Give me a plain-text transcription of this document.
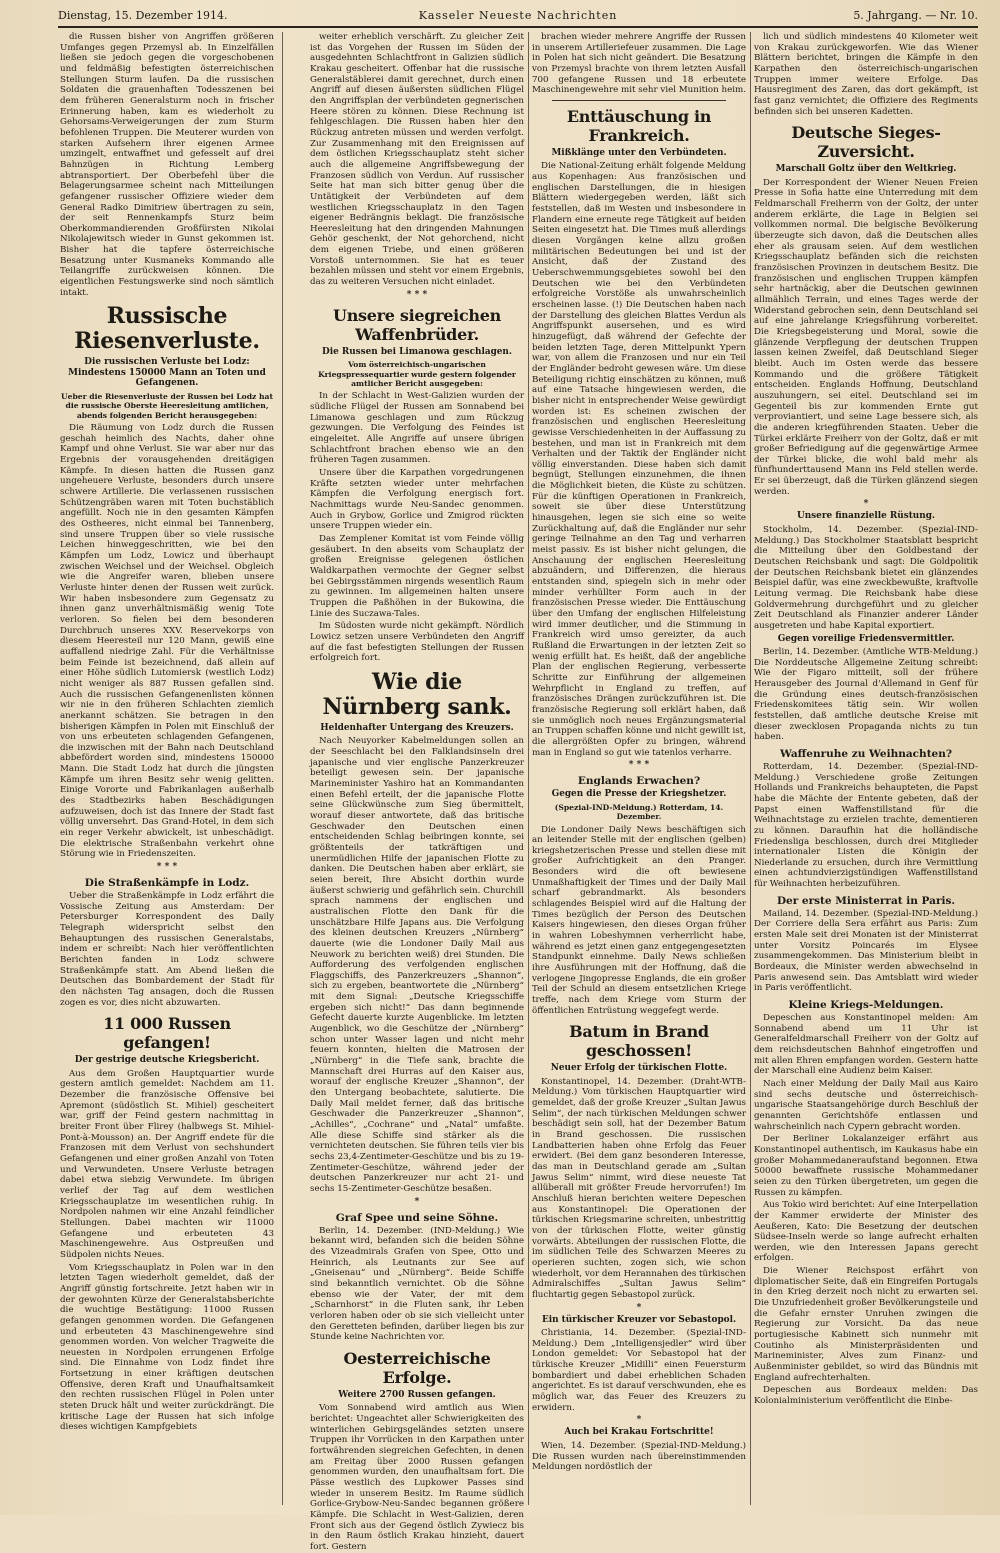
Dienstag, 15. Dezember 1914.	Kasseler Neueste Nachrichten	5. Jahrgang. — Nr. 10.

die Russen bisher von Angriffen größeren Umfanges gegen Przemysl ab. In Einzelfällen ließen sie jedoch gegen die vorgeschobenen und feldmäßig befestigten österreichischen Stellungen Sturm laufen. Da die russischen Soldaten die grauenhaften Todesszenen bei dem früheren Generalsturm noch in frischer Erinnerung haben, kam es wiederholt zu Gehorsams-Verweigerungen der zum Sturm befohlenen Truppen. Die Meuterer wurden von starken Aufsehern ihrer eigenen Armee umzingelt, entwaffnet und gefesselt auf drei Bahnzügen in Richtung Lemberg abtransportiert. Der Oberbefehl über die Belagerungsarmee scheint nach Mitteilungen gefangener russischer Offiziere wieder dem General Radko Dimitriew übertragen zu sein, der seit Rennenkampfs Sturz beim Oberkommandierenden Großfürsten Nikolai Nikolajewitsch wieder in Gunst gekommen ist. Bisher hat die tapfere österreichische Besatzung unter Kusmaneks Kommando alle Teilangriffe zurückweisen können. Die eigentlichen Festungswerke sind noch sämtlich intakt.

Russische Riesenverluste.
Die russischen Verluste bei Lodz: Mindestens 150000 Mann an Toten und Gefangenen.

Ueber die Riesenverluste der Russen bei Lodz hat die russische Oberste Heeresleitung amtlichen, abends folgenden Bericht herausgegeben:

Die Räumung von Lodz durch die Russen geschah heimlich des Nachts, daher ohne Kampf und ohne Verlust. Sie war aber nur das Ergebnis der vorausgehenden dreitägigen Kämpfe. In diesen hatten die Russen ganz ungeheuere Verluste, besonders durch unsere schwere Artillerie. Die verlassenen russischen Schützengräben waren mit Toten buchstäblich angefüllt. Noch nie in den gesamten Kämpfen des Ostheeres, nicht einmal bei Tannenberg, sind unsere Truppen über so viele russische Leichen hinweggeschritten, wie bei den Kämpfen um Lodz, Lowicz und überhaupt zwischen Weichsel und der Weichsel. Obgleich wie die Angreifer waren, blieben unsere Verluste hinter denen der Russen weit zurück. Wir haben insbesondere zum Gegensatz zu ihnen ganz unverhältnismäßig wenig Tote verloren. So fielen bei dem besonderen Durchbruch unseres XXV. Reservekorps von diesem Heeresteil nur 120 Mann, gewiß eine auffallend niedrige Zahl. Für die Verhältnisse beim Feinde ist bezeichnend, daß allein auf einer Höhe südlich Lutomiersk (westlich Lodz) nicht weniger als 887 Russen gefallen sind. Auch die russischen Gefangenenlisten können wir nie in den früheren Schlachten ziemlich anerkannt schätzen. Sie betragen in den bisherigen Kämpfen in Polen mit Einschluß der von uns erbeuteten schlagenden Gefangenen, die inzwischen mit der Bahn nach Deutschland abbefördert worden sind, mindestens 150000 Mann. Die Stadt Lodz hat durch die jüngsten Kämpfe um ihren Besitz sehr wenig gelitten. Einige Vororte und Fabrikanlagen außerhalb des Stadtbezirks haben Beschädigungen aufzuweisen, doch ist das Innere der Stadt fast völlig unversehrt. Das Grand-Hotel, in dem sich ein reger Verkehr abwickelt, ist unbeschädigt. Die elektrische Straßenbahn verkehrt ohne Störung wie in Friedenszeiten.

* * *
Die Straßenkämpfe in Lodz.

Ueber die Straßenkämpfe in Lodz erfährt die Vossische Zeitung aus Amsterdam: Der Petersburger Korrespondent des Daily Telegraph widerspricht selbst den Behauptungen des russischen Generalstabs, indem er schreibt: Nach hier veröffentlichten Berichten fanden in Lodz schwere Straßenkämpfe statt. Am Abend ließen die Deutschen das Bombardement der Stadt für den nächsten Tag ansagen, doch die Russen zogen es vor, dies nicht abzuwarten.

11 000 Russen gefangen!
Der gestrige deutsche Kriegsbericht.

Aus dem Großen Hauptquartier wurde gestern amtlich gemeldet: Nachdem am 11. Dezember die französische Offensive bei Apremont (südöstlich St. Mihiel) gescheitert war, griff der Feind gestern nachmittag in breiter Front über Flirey (halbwegs St. Mihiel-Pont-à-Mousson) an. Der Angriff endete für die Franzosen mit dem Verlust von sechshundert Gefangenen und einer großen Anzahl von Toten und Verwundeten. Unsere Verluste betragen dabei etwa siebzig Verwundete. Im übrigen verlief der Tag auf dem westlichen Kriegsschauplatze im wesentlichen ruhig. In Nordpolen nahmen wir eine Anzahl feindlicher Stellungen. Dabei machten wir 11000 Gefangene und erbeuteten 43 Maschinengewehre. Aus Ostpreußen und Südpolen nichts Neues.

Vom Kriegsschauplatz in Polen war in den letzten Tagen wiederholt gemeldet, daß der Angriff günstig fortschreite. Jetzt haben wir in der gewohnten Kürze der Generalstabsberichte die wuchtige Bestätigung: 11000 Russen gefangen genommen worden. Die Gefangenen und erbeuteten 43 Maschinengewehre sind genommen worden. Von welcher Tragweite die neuesten in Nordpolen errungenen Erfolge sind. Die Einnahme von Lodz findet ihre Fortsetzung in einer kräftigen deutschen Offensive, deren Kraft und Unaufhaltsamkeit den rechten russischen Flügel in Polen unter steten Druck hält und weiter zurückdrängt. Die kritische Lage der Russen hat sich infolge dieses wichtigen Kampfgebiets

weiter erheblich verschärft. Zu gleicher Zeit ist das Vorgehen der Russen im Süden der ausgedehnten Schlachtfront in Galizien südlich Krakau gescheitert. Offenbar hat die russische Generalstäblerei damit gerechnet, durch einen Angriff auf diesen äußersten südlichen Flügel den Angriffsplan der verbündeten gegnerischen Heere stören zu können. Diese Rechnung ist fehlgeschlagen. Die Russen haben hier den Rückzug antreten müssen und werden verfolgt. Zur Zusammenhang mit den Ereignissen auf dem östlichen Kriegsschauplatz steht sicher auch die allgemeine Angriffsbewegung der Franzosen südlich von Verdun. Auf russischer Seite hat man sich bitter genug über die Untätigkeit der Verbündeten auf dem westlichen Kriegsschauplatz in den Tagen eigener Bedrängnis beklagt. Die französische Heeresleitung hat den dringenden Mahnungen Gehör geschenkt, der Not gehorchend, nicht dem eigenen Triebe, und einen größeren Vorstoß unternommen. Sie hat es teuer bezahlen müssen und steht vor einem Ergebnis, das zu weiteren Versuchen nicht einladet.

* * *
Unsere siegreichen Waffenbrüder.
Die Russen bei Limanowa geschlagen.

Vom österreichisch-ungarischen Kriegspressequartier wurde gestern folgender amtlicher Bericht ausgegeben:

In der Schlacht in West-Galizien wurden der südliche Flügel der Russen am Sonnabend bei Limanowa geschlagen und zum Rückzug gezwungen. Die Verfolgung des Feindes ist eingeleitet. Alle Angriffe auf unsere übrigen Schlachtfront brachen ebenso wie an den früheren Tagen zusammen.

Unsere über die Karpathen vorgedrungenen Kräfte setzten wieder unter mehrfachen Kämpfen die Verfolgung energisch fort. Nachmittags wurde Neu-Sandec genommen. Auch in Grybow, Gorlice und Zmigrod rückten unsere Truppen wieder ein.

Das Zemplener Komitat ist vom Feinde völlig gesäubert. In den abseits vom Schauplatz der großen Ereignisse gelegenen östlichen Waldkarpathen vermochte der Gegner selbst bei Gebirgsstämmen nirgends wesentlich Raum zu gewinnen. Im allgemeinen halten unsere Truppen die Paßhöhen in der Bukowina, die Linie des Suczawa-Tales.

Im Südosten wurde nicht gekämpft. Nördlich Lowicz setzen unsere Verbündeten den Angriff auf die fast befestigten Stellungen der Russen erfolgreich fort.

Wie die Nürnberg sank.
Heldenhafter Untergang des Kreuzers.

Nach Neuyorker Kabelmeldungen sollen an der Seeschlacht bei den Falklandsinseln drei japanische und vier englische Panzerkreuzer beteiligt gewesen sein. Der japanische Marineminister Yashiro hat an Kommandanten einen Befehl erteilt, der die japanische Flotte seine Glückwünsche zum Sieg übermittelt, worauf dieser antwortete, daß das britische Geschwader den Deutschen einen entscheidenden Schlag beibringen konnte, sei größtenteils der tatkräftigen und unermüdlichen Hilfe der japanischen Flotte zu danken. Die Deutschen haben aber erklärt, sie seien bereit, Ihre Absicht dorthin wurde äußerst schwierig und gefährlich sein. Churchill sprach nammens der englischen und australischen Flotte den Dank für die unschätzbare Hilfe Japans aus. Die Verfolgung des kleinen deutschen Kreuzers „Nürnberg“ dauerte (wie die Londoner Daily Mail aus Neuwork zu berichten weiß) drei Stunden. Die Aufforderung des verfolgenden englischen Flaggschiffs, des Panzerkreuzers „Shannon“, sich zu ergeben, beantwortete die „Nürnberg“ mit dem Signal: „Deutsche Kriegsschiffe ergeben sich nicht!“ Das dann beginnende Gefecht dauerte kurzte Augenblicke. Im letzten Augenblick, wo die Geschütze der „Nürnberg“ schon unter Wasser lagen und nicht mehr feuern konnten, hielten die Matrosen der „Nürnberg“ in die Tiefe sank, brachte die Mannschaft drei Hurras auf den Kaiser aus, worauf der englische Kreuzer „Shannon“, der den Untergang beobachtete, salutierte. Die Daily Mail meldet ferner, daß das britische Geschwader die Panzerkreuzer „Shannon“, „Achilles“, „Cochrane“ und „Natal“ umfaßte. Alle diese Schiffe sind stärker als die vernichteten deutschen. Sie führen teils vier bis sechs 23,4-Zentimeter-Geschütze und bis zu 19-Zentimeter-Geschütze, während jeder der deutschen Panzerkreuzer nur acht 21- und sechs 15-Zentimeter-Geschütze besaßen.

*
Graf Spee und seine Söhne.

Berlin, 14. Dezember. (IND-Meldung.) Wie bekannt wird, befanden sich die beiden Söhne des Vizeadmirals Grafen von Spee, Otto und Heinrich, als Leutnants zur See auf „Gneisenau“ und „Nürnberg“. Beide Schiffe sind bekanntlich vernichtet. Ob die Söhne ebenso wie der Vater, der mit dem „Scharnhorst“ in die Fluten sank, ihr Leben verloren haben oder ob sie sich vielleicht unter den Geretteten befinden, darüber liegen bis zur Stunde keine Nachrichten vor.

Oesterreichische Erfolge.
Weitere 2700 Russen gefangen.

Vom Sonnabend wird amtlich aus Wien berichtet: Ungeachtet aller Schwierigkeiten des winterlichen Gebirgsgeländes setzten unsere Truppen ihr Vorrücken in den Karpathen unter fortwährenden siegreichen Gefechten, in denen am Freitag über 2000 Russen gefangen genommen wurden, den unaufhaltsam fort. Die Pässe westlich des Lupkower Passes sind wieder in unserem Besitz. Im Raume südlich Gorlice-Grybow-Neu-Sandec begannen größere Kämpfe. Die Schlacht in West-Galizien, deren Front sich aus der Gegend östlich Zywiecz bis in den Raum östlich Krakau hinzieht, dauert fort. Gestern

brachen wieder mehrere Angriffe der Russen in unserem Artilleriefeuer zusammen. Die Lage in Polen hat sich nicht geändert. Die Besatzung von Przemysl brachte von ihrem letzten Ausfall 700 gefangene Russen und 18 erbeutete Maschinengewehre mit sehr viel Munition heim.

Enttäuschung in Frankreich.
Mißklänge unter den Verbündeten.

Die National-Zeitung erhält folgende Meldung aus Kopenhagen: Aus französischen und englischen Darstellungen, die in hiesigen Blättern wiedergegeben werden, läßt sich feststellen, daß im Westen und insbesondere in Flandern eine erneute rege Tätigkeit auf beiden Seiten eingesetzt hat. Die Times muß allerdings diesen Vorgängen keine allzu großen militärischen Bedeutungen bei und ist der Ansicht, daß der Zustand des Ueberschwemmungsgebietes sowohl bei den Deutschen wie bei den Verbündeten erfolgreiche Vorstöße als unwahrscheinlich erscheinen lasse. (!) Die Deutschen haben nach der Darstellung des gleichen Blattes Verdun als Angriffspunkt ausersehen, und es wird hinzugefügt, daß während der Gefechte der beiden letzten Tage, deren Mittelpunkt Ypern war, von allem die Franzosen und nur ein Teil der Engländer bedroht gewesen wäre. Um diese Beteiligung richtig einschätzen zu können, muß auf eine Tatsache hingewiesen werden, die bisher nicht in entsprechender Weise gewürdigt worden ist: Es scheinen zwischen der französischen und englischen Heeresleitung gewisse Verschiedenheiten in der Auffassung zu bestehen, und man ist in Frankreich mit dem Verhalten und der Taktik der Engländer nicht völlig einverstanden. Diese haben sich damit begnügt, Stellungen einzunehmen, die ihnen die Möglichkeit bieten, die Küste zu schützen. Für die künftigen Operationen in Frankreich, soweit sie über diese Unterstützung hinausgehen, legen sie sich eine so weite Zurückhaltung auf, daß die Engländer nur sehr geringe Teilnahme an den Tag und verharren meist passiv. Es ist bisher nicht gelungen, die Anschauung der englischen Heeresleitung abzuändern, und Differenzen, die hieraus entstanden sind, spiegeln sich in mehr oder minder verhüllter Form auch in der französischen Presse wieder. Die Enttäuschung über den Umfang der englischen Hilfeleistung wird immer deutlicher, und die Stimmung in Frankreich wird umso gereizter, da auch Rußland die Erwartungen in der letzten Zeit so wenig erfüllt hat. Es heißt, daß der angebliche Plan der englischen Regierung, verbesserte Schritte zur Einführung der allgemeinen Wehrpflicht in England zu treffen, auf französisches Drängen zurückzuführen ist. Die französische Regierung soll erklärt haben, daß sie unmöglich noch neues Ergänzungsmaterial an Truppen schaffen könne und nicht gewillt ist, die allergrößten Opfer zu bringen, während man in England so gut wie tatenlos verharre.

* * *
Englands Erwachen?
Gegen die Presse der Kriegshetzer.

(Spezial-IND-Meldung.) Rotterdam, 14. Dezember.

Die Londoner Daily News beschäftigen sich an leitender Stelle mit der englischen (gelben) kriegshetzerischen Presse und stellen diese mit großer Aufrichtigkeit an den Pranger. Besonders wird die oft bewiesene Unmaßhaftigkeit der Times und der Daily Mail scharf gebrandmarkt. Als besonders schlagendes Beispiel wird auf die Haltung der Times bezüglich der Person des Deutschen Kaisers hingewiesen, den dieses Organ früher in wahren Lobeshymnen verherrlicht habe, während es jetzt einen ganz entgegengesetzten Standpunkt einnehme. Daily News schließen ihre Ausführungen mit der Hoffnung, daß die verlogene Jingopresse Englands, die ein großer Teil der Schuld an diesem entsetzlichen Kriege treffe, nach dem Kriege vom Sturm der öffentlichen Entrüstung weggefegt werde.

Batum in Brand geschossen!
Neuer Erfolg der türkischen Flotte.

Konstantinopel, 14. Dezember. (Draht-WTB-Meldung.) Vom türkischen Hauptquartier wird gemeldet, daß der große Kreuzer „Sultan Jawus Selim“, der nach türkischen Meldungen schwer beschädigt sein soll, hat der Dezember Batum in Brand geschossen. Die russischen Landbatterien haben ohne Erfolg das Feuer erwidert. (Bei dem ganz besonderen Interesse, das man in Deutschland gerade am „Sultan Jawus Selim“ nimmt, wird diese neueste Tat allüberall mit größter Freude hervorrufen!) Im Anschluß hieran berichten weitere Depeschen aus Konstantinopel: Die Operationen der türkischen Kriegsmarine schreiten, unbestrittig von der türkischen Flotte, weiter günstig vorwärts. Abteilungen der russischen Flotte, die im südlichen Teile des Schwarzen Meeres zu operieren suchten, zogen sich, wie schon wiederholt, vor dem Herannahen des türkischen Admiralschiffes „Sultan Jawus Selim“ fluchtartig gegen Sebastopol zurück.

*
Ein türkischer Kreuzer vor Sebastopol.

Christiania, 14. Dezember. (Spezial-IND-Meldung.) Dem „Intelligensjedler“ wird über London gemeldet: Vor Sebastopol hat der türkische Kreuzer „Midilli“ einen Feuersturm bombardiert und dabei erheblichen Schaden angerichtet. Es ist darauf verschwunden, ehe es möglich war, das Feuer des Kreuzers zu erwidern.

*
Auch bei Krakau Fortschritte!

Wien, 14. Dezember. (Spezial-IND-Meldung.) Die Russen wurden nach übereinstimmenden Meldungen nordöstlich der

lich und südlich mindestens 40 Kilometer weit von Krakau zurückgeworfen. Wie das Wiener Blättern berichtet, bringen die Kämpfe in den Karpathen den österreichisch-ungarischen Truppen immer weitere Erfolge. Das Hausregiment des Zaren, das dort gekämpft, ist fast ganz vernichtet; die Offiziere des Regiments befinden sich bei unseren Kadetten.

Deutsche Sieges-Zuversicht.
Marschall Goltz über den Weltkrieg.

Der Korrespondent der Wiener Neuen Freien Presse in Sofia hatte eine Unterredung mit dem Feldmarschall Freiherrn von der Goltz, der unter anderem erklärte, die Lage in Belgien sei vollkommen normal. Die belgische Bevölkerung überzeugte sich davon, daß die Deutschen alles eher als grausam seien. Auf dem westlichen Kriegsschauplatz befänden sich die reichsten französischen Provinzen in deutschem Besitz. Die französischen und englischen Truppen kämpfen sehr hartnäckig, aber die Deutschen gewinnen allmählich Terrain, und eines Tages werde der Widerstand gebrochen sein, denn Deutschland sei auf eine jahrelange Kriegsführung vorbereitet. Die Kriegsbegeisterung und Moral, sowie die glänzende Verpflegung der deutschen Truppen lassen keinen Zweifel, daß Deutschland Sieger bleibt. Auch im Osten werde das bessere Kommando und die größere Tätigkeit entscheiden. Englands Hoffnung, Deutschland auszuhungern, sei eitel. Deutschland sei im Gegenteil bis zur kommenden Ernte gut verproviantiert, und seine Lage bessere sich, als die anderen kriegführenden Staaten. Ueber die Türkei erklärte Freiherr von der Goltz, daß er mit großer Befriedigung auf die gegenwärtige Armee der Türkei blicke, die wohl bald mehr als fünfhunderttausend Mann ins Feld stellen werde. Er sei überzeugt, daß die Türken glänzend siegen werden.

*
Unsere finanzielle Rüstung.

Stockholm, 14. Dezember. (Spezial-IND-Meldung.) Das Stockholmer Staatsblatt bespricht die Mitteilung über den Goldbestand der Deutschen Reichsbank und sagt: Die Goldpolitik der Deutschen Reichsbank bietet ein glänzendes Beispiel dafür, was eine zweckbewußte, kraftvolle Leitung vermag. Die Reichsbank habe diese Goldvermehrung durchgeführt und zu gleicher Zeit Deutschland als Finanzier anderer Länder ausgetreten und habe Kapital exportiert.

Gegen voreilige Friedensvermittler.

Berlin, 14. Dezember. (Amtliche WTB-Meldung.) Die Norddeutsche Allgemeine Zeitung schreibt: Wie der Figaro mitteilt, soll der frühere Herausgeber des Journal d'Allemand in Genf für die Gründung eines deutsch-französischen Friedenskomitees tätig sein. Wir wollen feststellen, daß amtliche deutsche Kreise mit dieser zwecklosen Propaganda nichts zu tun haben.

Waffenruhe zu Weihnachten?

Rotterdam, 14. Dezember. (Spezial-IND-Meldung.) Verschiedene große Zeitungen Hollands und Frankreichs behaupteten, die Papst habe die Mächte der Entente gebeten, daß der Papst einen Waffenstillstand für die Weihnachtstage zu erzielen trachte, dementieren zu können. Daraufhin hat die holländische Friedensliga beschlossen, durch drei Mitglieder internationaler Listen die Königin der Niederlande zu ersuchen, durch ihre Vermittlung einen achtundvierzigstündigen Waffenstillstand für Weihnachten herbeizuführen.

Der erste Ministerrat in Paris.

Mailand, 14. Dezember. (Spezial-IND-Meldung.) Der Corriere della Sera erfährt aus Paris: Zum ersten Male seit drei Monaten ist der Ministerrat unter Vorsitz Poincarés im Elysee zusammengekommen. Das Ministerium bleibt in Bordeaux, die Minister werden abwechselnd in Paris anwesend sein. Das Amtsblatt wird wieder in Paris veröffentlicht.

Kleine Kriegs-Meldungen.

Depeschen aus Konstantinopel melden: Am Sonnabend abend um 11 Uhr ist Generalfeldmarschall Freiherr von der Goltz auf dem reichsdeutschen Bahnhof eingetroffen und mit allen Ehren empfangen worden. Gestern hatte der Marschall eine Audienz beim Kaiser.

Nach einer Meldung der Daily Mail aus Kairo sind sechs deutsche und österreichisch-ungarische Staatsangehörige durch Beschluß der genannten Gerichtshöfe entlassen und wahrscheinlich nach Cypern gebracht worden.

Der Berliner Lokalanzeiger erfährt aus Konstantinopel authentisch, im Kaukasus habe ein großer Mohammedaneraufstand begonnen. Etwa 50000 bewaffnete russische Mohammedaner seien zu den Türken übergetreten, um gegen die Russen zu kämpfen.

Aus Tokio wird berichtet: Auf eine Interpellation der Kammer erwiderte der Minister des Aeußeren, Kato: Die Besetzung der deutschen Südsee-Inseln werde so lange aufrecht erhalten werden, wie den Interessen Japans gerecht erfolgen.

Die Wiener Reichspost erfährt von diplomatischer Seite, daß ein Eingreifen Portugals in den Krieg derzeit noch nicht zu erwarten sei. Die Unzufriedenheit großer Bevölkerungsteile und die Gefahr ernster Unruhen zwingen die Regierung zur Vorsicht. Da das neue portugiesische Kabinett sich nunmehr mit Coutinho als Ministerpräsidenten und Marineminister, Alves zum Finanz- und Außenminister gebildet, so wird das Bündnis mit England aufrechterhalten.

Depeschen aus Bordeaux melden: Das Kolonialministerium veröffentlicht die Einbe-
